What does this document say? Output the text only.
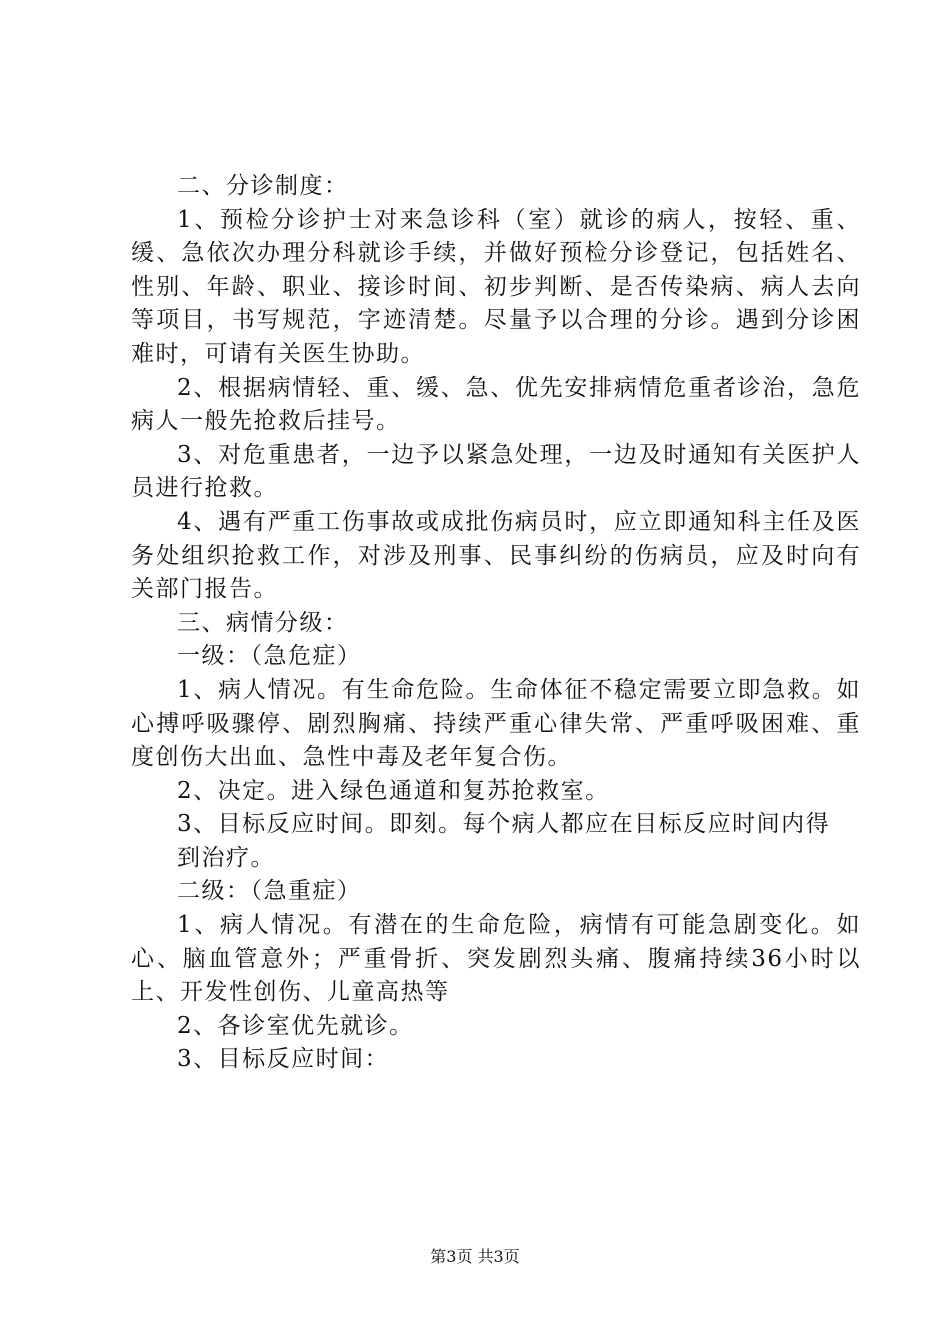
二、分诊制度：

1、预检分诊护士对来急诊科（室）就诊的病人，按轻、重、缓、急依次办理分科就诊手续，并做好预检分诊登记，包括姓名、性别、年龄、职业、接诊时间、初步判断、是否传染病、病人去向等项目，书写规范，字迹清楚。尽量予以合理的分诊。遇到分诊困难时，可请有关医生协助。

2、根据病情轻、重、缓、急、优先安排病情危重者诊治，急危病人一般先抢救后挂号。

3、对危重患者，一边予以紧急处理，一边及时通知有关医护人员进行抢救。

4、遇有严重工伤事故或成批伤病员时，应立即通知科主任及医务处组织抢救工作，对涉及刑事、民事纠纷的伤病员，应及时向有关部门报告。

三、病情分级：

一级：（急危症）

1、病人情况。有生命危险。生命体征不稳定需要立即急救。如心搏呼吸骤停、剧烈胸痛、持续严重心律失常、严重呼吸困难、重度创伤大出血、急性中毒及老年复合伤。

2、决定。进入绿色通道和复苏抢救室。

3、目标反应时间。即刻。每个病人都应在目标反应时间内得

到治疗。

二级：（急重症）

1、病人情况。有潜在的生命危险，病情有可能急剧变化。如心、脑血管意外；严重骨折、突发剧烈头痛、腹痛持续36小时以上、开发性创伤、儿童高热等

2、各诊室优先就诊。

3、目标反应时间：

第3页 共3页
